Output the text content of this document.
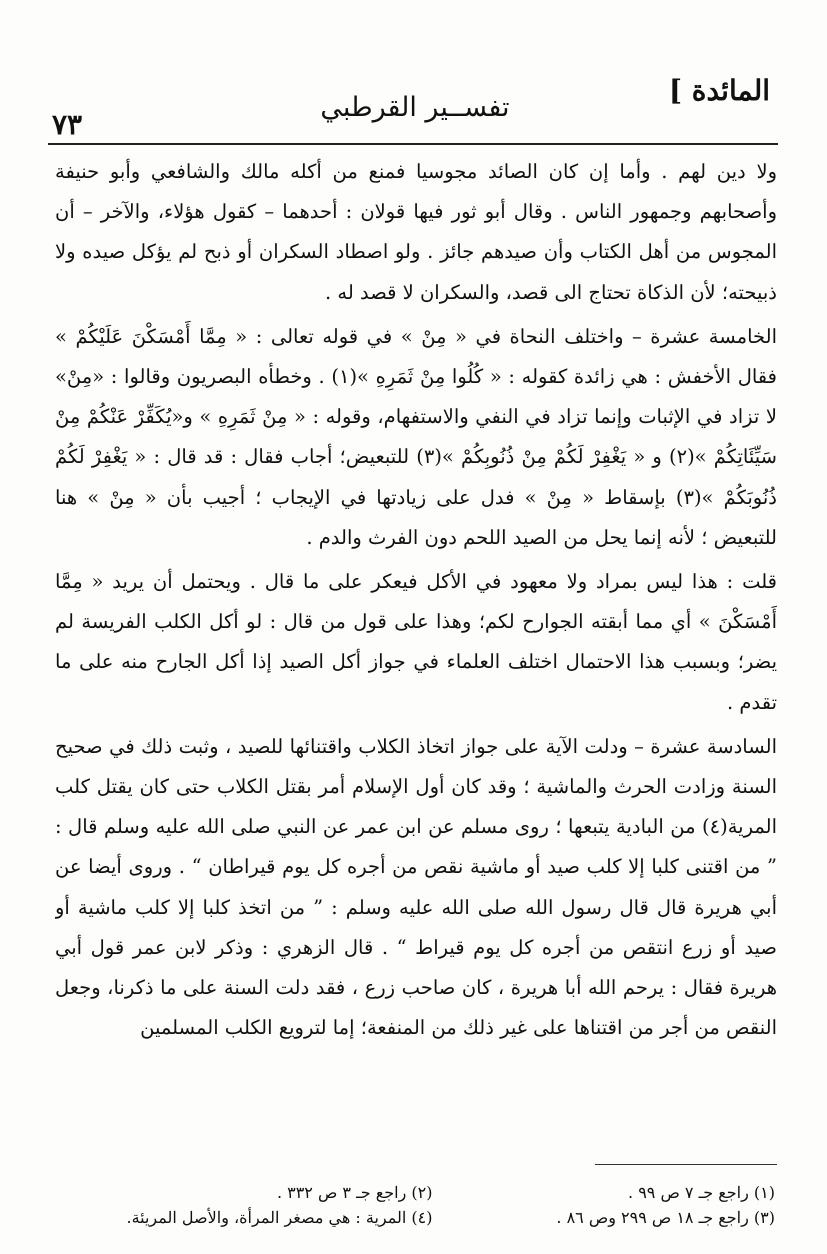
٧٣
تفســير القرطبي
المائدة ]

ولا دين لهم . وأما إن كان الصائد مجوسيا فمنع من أكله مالك والشافعي وأبو حنيفة وأصحابهم وجمهور الناس . وقال أبو ثور فيها قولان : أحدهما – كقول هؤلاء، والآخر – أن المجوس من أهل الكتاب وأن صيدهم جائز . ولو اصطاد السكران أو ذبح لم يؤكل صيده ولا ذبيحته؛ لأن الذكاة تحتاج الى قصد، والسكران لا قصد له .

الخامسة عشرة – واختلف النحاة في « مِنْ » في قوله تعالى : « مِمَّا أَمْسَكْنَ عَلَيْكُمْ » فقال الأخفش : هي زائدة كقوله : « كُلُوا مِنْ ثَمَرِهِ »(١) . وخطأه البصريون وقالوا : «مِنْ» لا تزاد في الإثبات وإنما تزاد في النفي والاستفهام، وقوله : « مِنْ ثَمَرِهِ » و«يُكَفِّرْ عَنْكُمْ مِنْ سَيِّئَاتِكُمْ »(٢) و « يَغْفِرْ لَكُمْ مِنْ ذُنُوبِكُمْ »(٣) للتبعيض؛ أجاب فقال : قد قال : « يَغْفِرْ لَكُمْ ذُنُوبَكُمْ »(٣) بإسقاط « مِنْ » فدل على زيادتها في الإيجاب ؛ أجيب بأن « مِنْ » هنا للتبعيض ؛ لأنه إنما يحل من الصيد اللحم دون الفرث والدم .

قلت : هذا ليس بمراد ولا معهود في الأكل فيعكر على ما قال . ويحتمل أن يريد « مِمَّا أَمْسَكْنَ » أي مما أبقته الجوارح لكم؛ وهذا على قول من قال : لو أكل الكلب الفريسة لم يضر؛ وبسبب هذا الاحتمال اختلف العلماء في جواز أكل الصيد إذا أكل الجارح منه على ما تقدم .

السادسة عشرة – ودلت الآية على جواز اتخاذ الكلاب واقتنائها للصيد ، وثبت ذلك في صحيح السنة وزادت الحرث والماشية ؛ وقد كان أول الإسلام أمر بقتل الكلاب حتى كان يقتل كلب المرية(٤) من البادية يتبعها ؛ روى مسلم عن ابن عمر عن النبي صلى الله عليه وسلم قال : ” من اقتنى كلبا إلا كلب صيد أو ماشية نقص من أجره كل يوم قيراطان “ . وروى أيضا عن أبي هريرة قال قال رسول الله صلى الله عليه وسلم : ” من اتخذ كلبا إلا كلب ماشية أو صيد أو زرع انتقص من أجره كل يوم قيراط “ . قال الزهري : وذكر لابن عمر قول أبي هريرة فقال : يرحم الله أبا هريرة ، كان صاحب زرع ، فقد دلت السنة على ما ذكرنا، وجعل النقص من أجر من اقتناها على غير ذلك من المنفعة؛ إما لترويع الكلب المسلمين

(١) راجع جـ ٧ ص ٩٩ .
(٢) راجع جـ ٣ ص ٣٣٢ .
(٣) راجع جـ ١٨ ص ٢٩٩ وص ٨٦ .
(٤) المرية : هي مصغر المرأة، والأصل المريئة.
